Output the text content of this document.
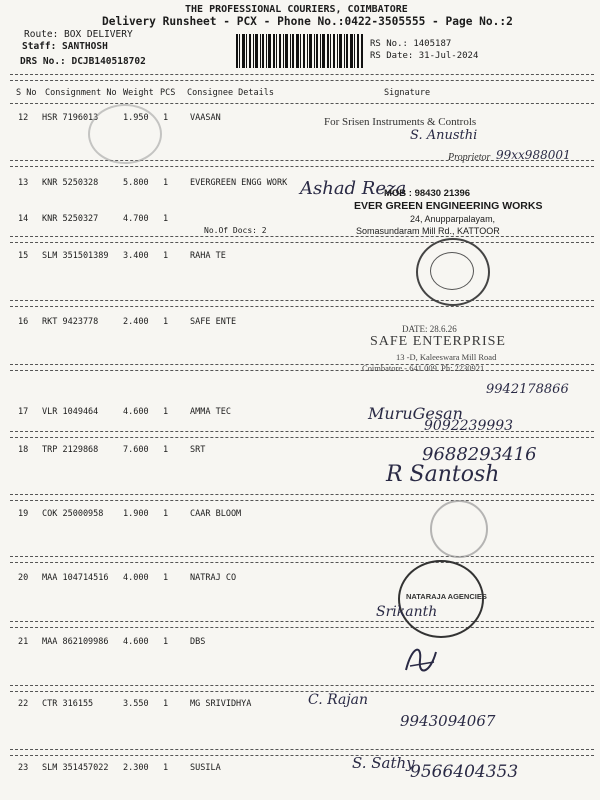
THE PROFESSIONAL COURIERS, COIMBATORE
Delivery Runsheet - PCX - Phone No.:0422-3505555 - Page No.:2
Route: BOX DELIVERY
Staff: SANTHOSH
DRS No.: DCJB140518702
RS No.: 1405187
RS Date: 31-Jul-2024
S No Consignment No Weight PCS Consignee Details	Signature
12 HSR 7196013	1.950 1	VAASAN
13 KNR 5250328	5.800 1	EVERGREEN ENGG WORK
14 KNR 5250327	4.700 1
No.Of Docs: 2
15 SLM 351501389 3.400 1	RAHA TE
16 RKT 9423778	2.400 1	SAFE ENTE
17 VLR 1049464	4.600 1	AMMA TEC
18 TRP 2129868	7.600 1	SRT
19 COK 25000958 1.900 1	CAAR BLOOM
20 MAA 104714516 4.000 1	NATRAJ CO
21 MAA 862109986 4.600 1	DBS
22 CTR 316155	3.550 1	MG SRIVIDHYA
23 SLM 351457022 2.300 1	SUSILA
For Srisen Instruments & Controls
S. Anusthi
Proprietor 99xx988001
Ashad Reza
MOB : 98430 21396
EVER GREEN ENGINEERING WORKS
24, Anupparpalayam,
Somasundaram Mill Rd., KATTOOR
DATE: 28.6.26
SAFE ENTERPRISE
13 -D, Kaleeswara Mill Road
Coimbatore - 641 009. Ph: 2230921
9942178866
MuruGesan
9092239993
9688293416
R Santosh
NATARAJA AGENCIES
Srikanth
C. Rajan
9943094067
S. Sathy
9566404353
